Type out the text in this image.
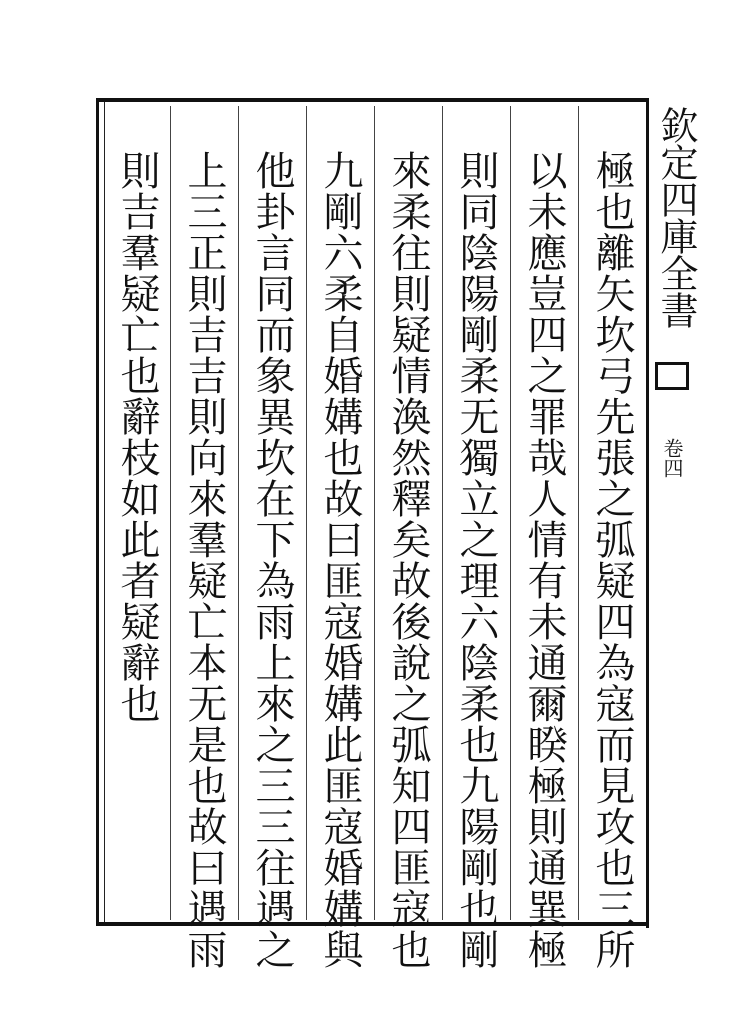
極也離矢坎弓先張之弧疑四為寇而見攻也三所
以未應豈四之罪哉人情有未通爾睽極則通巽極
則同陰陽剛柔无獨立之理六陰柔也九陽剛也剛
來柔往則疑情渙然釋矣故後說之弧知四匪寇也
九剛六柔自婚媾也故曰匪寇婚媾此匪寇婚媾與
他卦言同而象異坎在下為雨上來之三三往遇之
上三正則吉吉則向來羣疑亡本无是也故曰遇雨
則吉羣疑亡也辭枝如此者疑辭也	欽定四庫全書
卷四
